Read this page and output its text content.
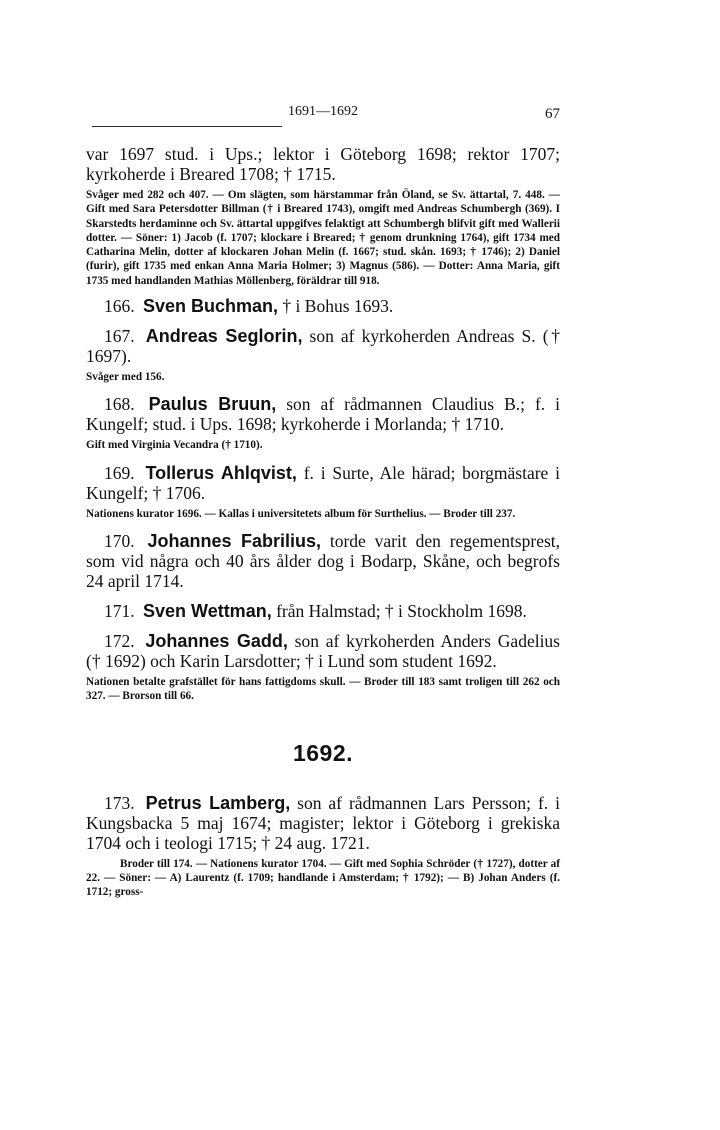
1691—1692	67

var 1697 stud. i Ups.; lektor i Göteborg 1698; rektor 1707; kyrkoherde i Breared 1708; † 1715.

Svåger med 282 och 407. — Om slägten, som härstammar från Öland, se Sv. ättartal, 7. 448. — Gift med Sara Petersdotter Billman († i Breared 1743), omgift med Andreas Schumbergh (369). I Skarstedts herdaminne och Sv. ättartal uppgifves felaktigt att Schumbergh blifvit gift med Wallerii dotter. — Söner: 1) Jacob (f. 1707; klockare i Breared; † genom drunkning 1764), gift 1734 med Catharina Melin, dotter af klockaren Johan Melin (f. 1667; stud. skån. 1693; † 1746); 2) Daniel (furir), gift 1735 med enkan Anna Maria Holmer; 3) Magnus (586). — Dotter: Anna Maria, gift 1735 med handlanden Mathias Möllenberg, föräldrar till 918.

166. Sven Buchman, † i Bohus 1693.

167. Andreas Seglorin, son af kyrkoherden Andreas S. († 1697).

Svåger med 156.

168. Paulus Bruun, son af rådmannen Claudius B.; f. i Kungelf; stud. i Ups. 1698; kyrkoherde i Morlanda; † 1710.

Gift med Virginia Vecandra († 1710).

169. Tollerus Ahlqvist, f. i Surte, Ale härad; borgmästare i Kungelf; † 1706.

Nationens kurator 1696. — Kallas i universitetets album för Surthelius. — Broder till 237.

170. Johannes Fabrilius, torde varit den regementsprest, som vid några och 40 års ålder dog i Bodarp, Skåne, och begrofs 24 april 1714.

171. Sven Wettman, från Halmstad; † i Stockholm 1698.

172. Johannes Gadd, son af kyrkoherden Anders Gadelius († 1692) och Karin Larsdotter; † i Lund som student 1692.

Nationen betalte grafstället för hans fattigdoms skull. — Broder till 183 samt troligen till 262 och 327. — Brorson till 66.

1692.

173. Petrus Lamberg, son af rådmannen Lars Persson; f. i Kungsbacka 5 maj 1674; magister; lektor i Göteborg i grekiska 1704 och i teologi 1715; † 24 aug. 1721.

Broder till 174. — Nationens kurator 1704. — Gift med Sophia Schröder († 1727), dotter af 22. — Söner: — A) Laurentz (f. 1709; handlande i Amsterdam; † 1792); — B) Johan Anders (f. 1712; gross-
